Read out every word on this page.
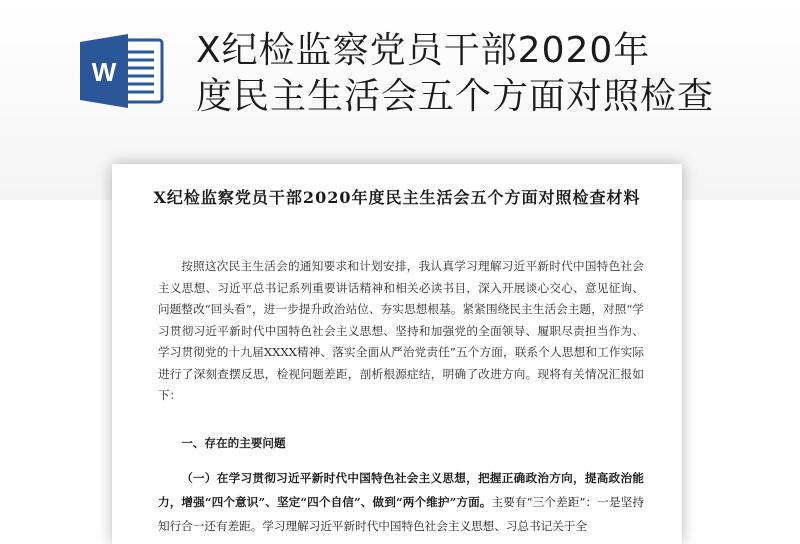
W
X纪检监察党员干部2020年
度民主生活会五个方面对照检查
X纪检监察党员干部2020年度民主生活会五个方面对照检查材料

按照这次民主生活会的通知要求和计划安排，我认真学习理解习近平新时代中国特色社会主义思想、习近平总书记系列重要讲话精神和相关必读书目，深入开展谈心交心、意见征询、问题整改“回头看”，进一步提升政治站位、夯实思想根基。紧紧围绕民主生活会主题，对照“学习贯彻习近平新时代中国特色社会主义思想、坚持和加强党的全面领导、履职尽责担当作为、学习贯彻党的十九届XXXX精神、落实全面从严治党责任”五个方面，联系个人思想和工作实际进行了深刻查摆反思，检视问题差距，剖析根源症结，明确了改进方向。现将有关情况汇报如下：

一、存在的主要问题

（一）在学习贯彻习近平新时代中国特色社会主义思想，把握正确政治方向，提高政治能力，增强“四个意识”、坚定“四个自信”、做到“两个维护”方面。主要有“三个差距”：一是坚持知行合一还有差距。学习理解习近平新时代中国特色社会主义思想、习总书记关于全
